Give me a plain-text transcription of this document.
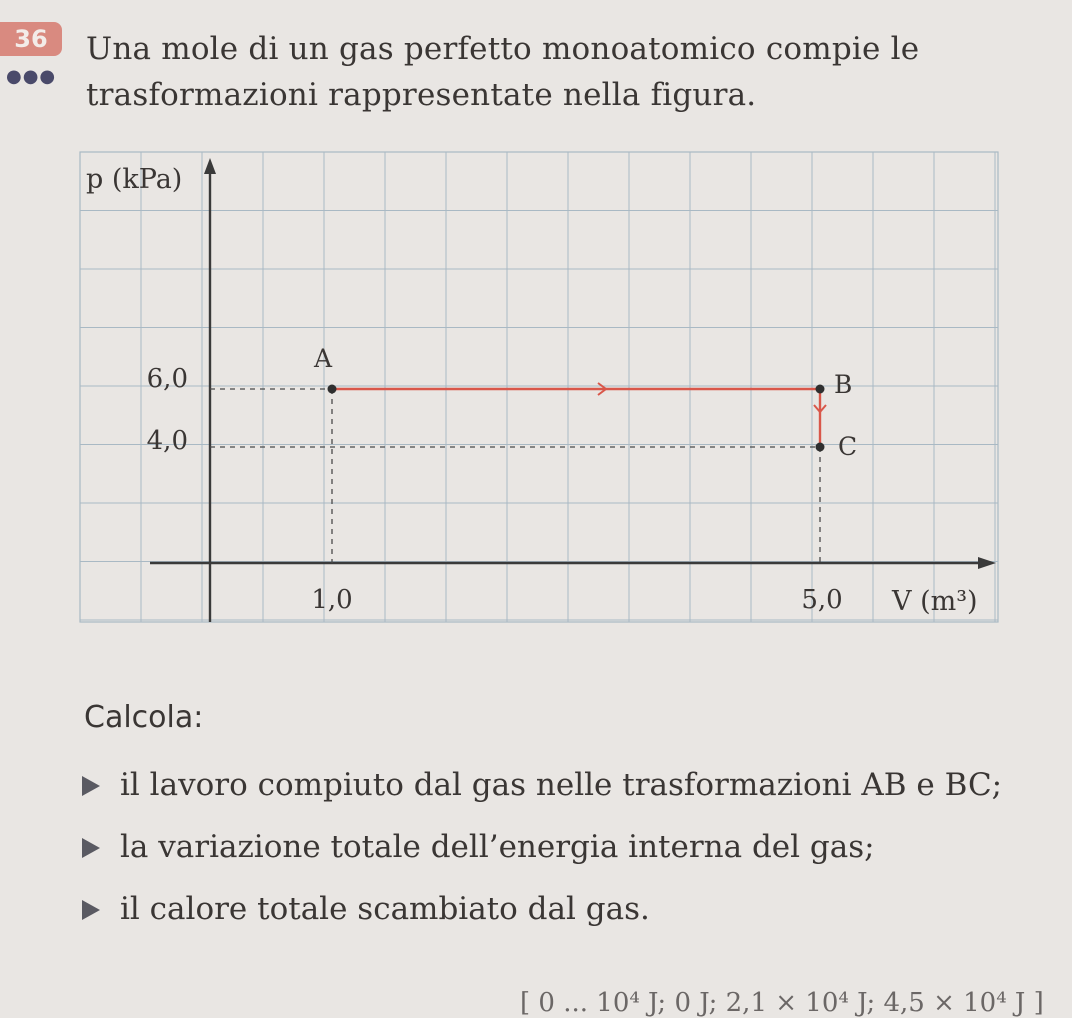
36
●●●
Una mole di un gas perfetto monoatomico compie le
trasformazioni rappresentate nella figura.
p (kPa)
V (m³)
6,0
4,0
1,0	5,0
A
B
C
Calcola:
il lavoro compiuto dal gas nelle trasformazioni AB e BC;
la variazione totale dell’energia interna del gas;
il calore totale scambiato dal gas.
[ 0 ... 10⁴ J; 0 J; 2,1 × 10⁴ J; 4,5 × 10⁴ J ]
